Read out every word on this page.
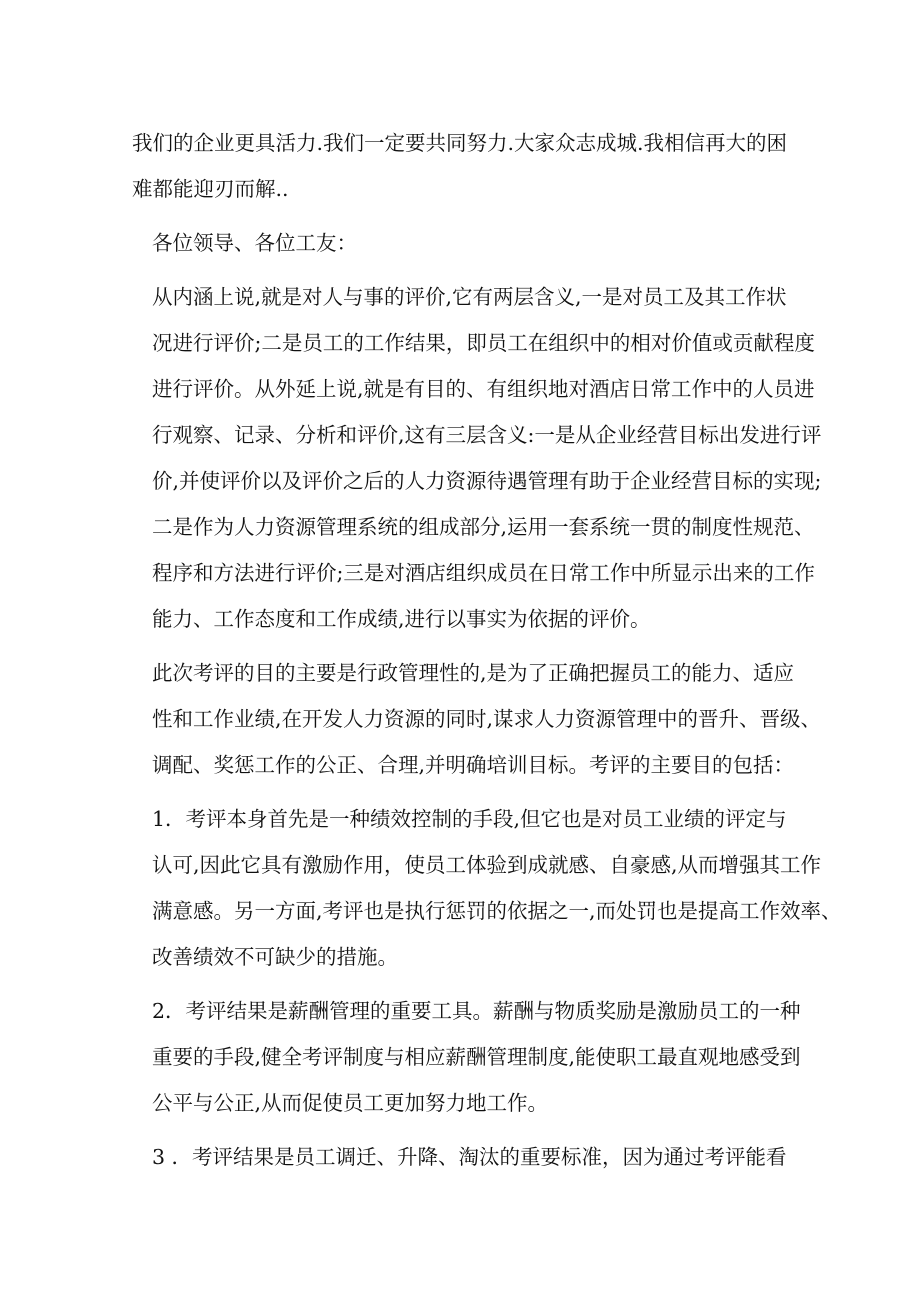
我们的企业更具活力.我们一定要共同努力.大家众志成城.我相信再大的困
难都能迎刃而解..
各位领导、各位工友：
从内涵上说,就是对人与事的评价,它有两层含义,一是对员工及其工作状
况进行评价;二是员工的工作结果，即员工在组织中的相对价值或贡献程度
进行评价。从外延上说,就是有目的、有组织地对酒店日常工作中的人员进
行观察、记录、分析和评价,这有三层含义:一是从企业经营目标出发进行评
价,并使评价以及评价之后的人力资源待遇管理有助于企业经营目标的实现;
二是作为人力资源管理系统的组成部分,运用一套系统一贯的制度性规范、
程序和方法进行评价;三是对酒店组织成员在日常工作中所显示出来的工作
能力、工作态度和工作成绩,进行以事实为依据的评价。
此次考评的目的主要是行政管理性的,是为了正确把握员工的能力、适应
性和工作业绩,在开发人力资源的同时,谋求人力资源管理中的晋升、晋级、
调配、奖惩工作的公正、合理,并明确培训目标。考评的主要目的包括：
1．考评本身首先是一种绩效控制的手段,但它也是对员工业绩的评定与
认可,因此它具有激励作用，使员工体验到成就感、自豪感,从而增强其工作
满意感。另一方面,考评也是执行惩罚的依据之一,而处罚也是提高工作效率、
改善绩效不可缺少的措施。
2．考评结果是薪酬管理的重要工具。薪酬与物质奖励是激励员工的一种
重要的手段,健全考评制度与相应薪酬管理制度,能使职工最直观地感受到
公平与公正,从而促使员工更加努力地工作。
3 ．考评结果是员工调迁、升降、淘汰的重要标准，因为通过考评能看
